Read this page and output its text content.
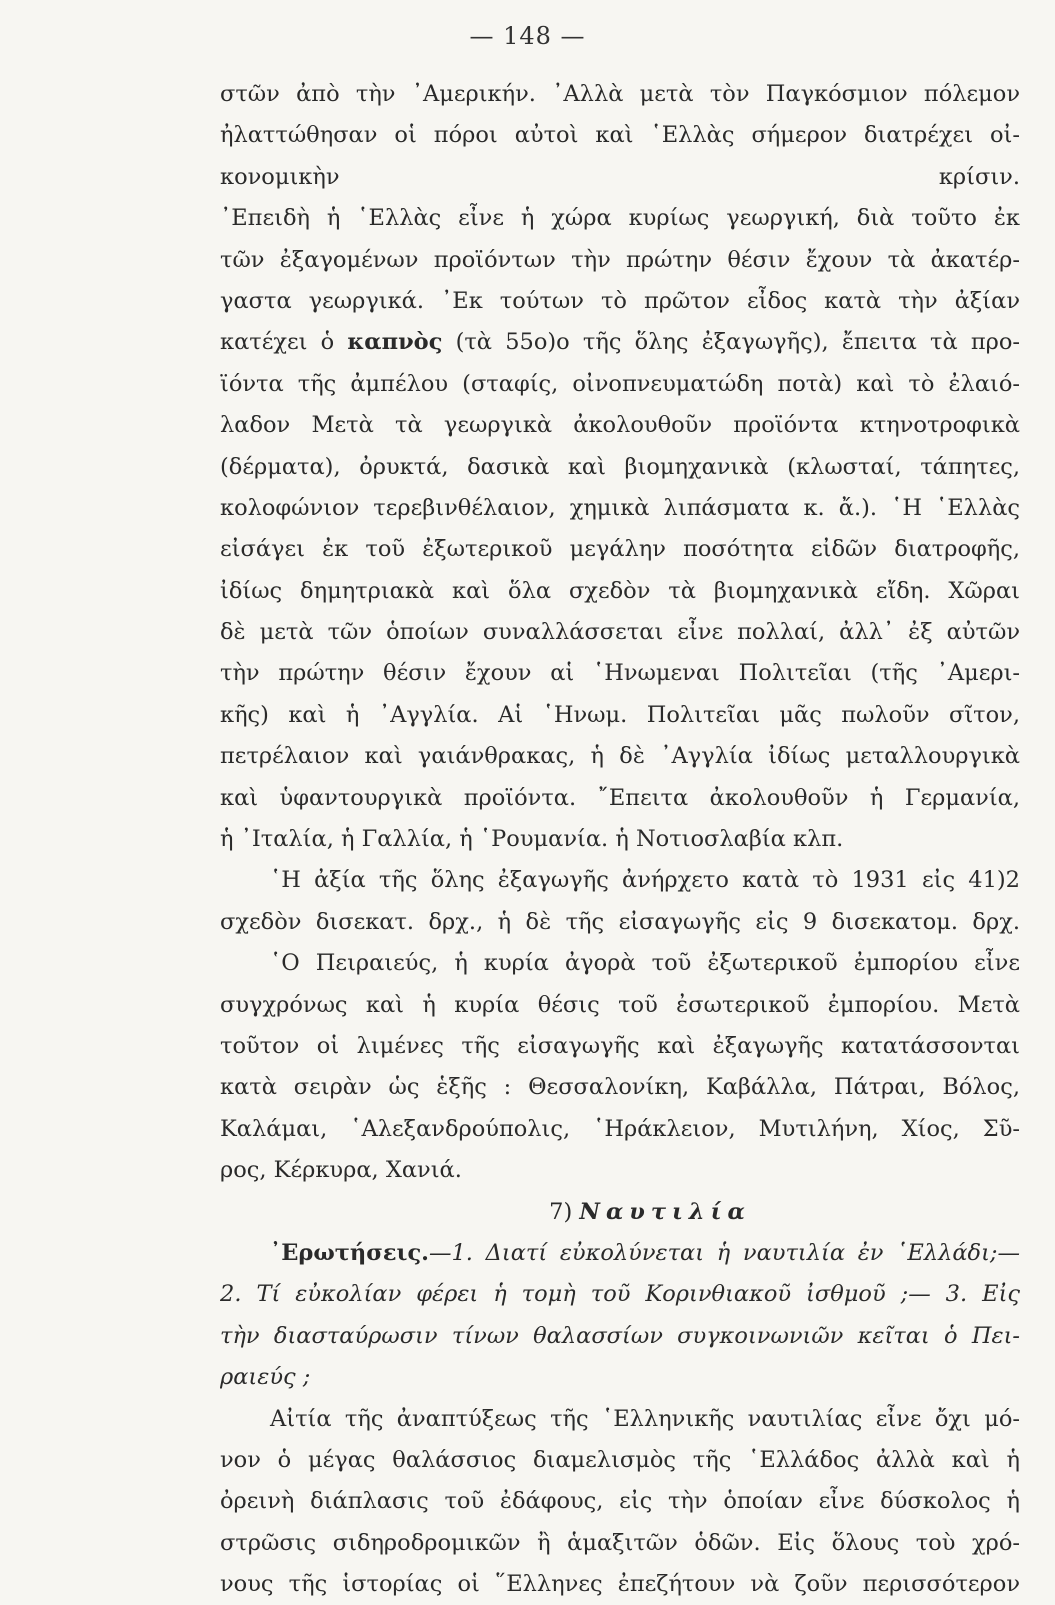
— 148 —
στῶν ἀπὸ τὴν ᾿Αμερικήν. ᾿Αλλὰ μετὰ τὸν Παγκόσμιον πόλεμον
ἠλαττώθησαν οἱ πόροι αὐτοὶ καὶ ῾Ελλὰς σήμερον διατρέχει οἰ-
κονομικὴν κρίσιν.
᾿Επειδὴ ἡ ῾Ελλὰς εἶνε ἡ χώρα κυρίως γεωργική, διὰ τοῦτο ἐκ
τῶν ἐξαγομένων προϊόντων τὴν πρώτην θέσιν ἔχουν τὰ ἀκατέρ-
γαστα γεωργικά. ᾿Εκ τούτων τὸ πρῶτον εἶδος κατὰ τὴν ἀξίαν
κατέχει ὁ καπνὸς (τὰ 55ο)ο τῆς ὅλης ἐξαγωγῆς), ἔπειτα τὰ προ-
ϊόντα τῆς ἀμπέλου (σταφίς, οἰνοπνευματώδη ποτὰ) καὶ τὸ ἐλαιό-
λαδον Μετὰ τὰ γεωργικὰ ἀκολουθοῦν προϊόντα κτηνοτροφικὰ
(δέρματα), ὀρυκτά, δασικὰ καὶ βιομηχανικὰ (κλωσταί, τάπητες,
κολοφώνιον τερεβινθέλαιον, χημικὰ λιπάσματα κ. ἄ.). ῾Η ῾Ελλὰς
εἰσάγει ἐκ τοῦ ἐξωτερικοῦ μεγάλην ποσότητα εἰδῶν διατροφῆς,
ἰδίως δημητριακὰ καὶ ὅλα σχεδὸν τὰ βιομηχανικὰ εἴδη. Χῶραι
δὲ μετὰ τῶν ὁποίων συναλλάσσεται εἶνε πολλαί, ἀλλ᾿ ἐξ αὐτῶν
τὴν πρώτην θέσιν ἔχουν αἱ ῾Ηνωμεναι Πολιτεῖαι (τῆς ᾿Αμερι-
κῆς) καὶ ἡ ᾿Αγγλία. Αἱ ῾Ηνωμ. Πολιτεῖαι μᾶς πωλοῦν σῖτον,
πετρέλαιον καὶ γαιάνθρακας, ἡ δὲ ᾿Αγγλία ἰδίως μεταλλουργικὰ
καὶ ὑφαντουργικὰ προϊόντα. ῎Επειτα ἀκολουθοῦν ἡ Γερμανία,
ἡ ᾿Ιταλία, ἡ Γαλλία, ἡ ῾Ρουμανία. ἡ Νοτιοσλαβία κλπ.
῾Η ἀξία τῆς ὅλης ἐξαγωγῆς ἀνήρχετο κατὰ τὸ 1931 εἰς 41)2
σχεδὸν δισεκατ. δρχ., ἡ δὲ τῆς εἰσαγωγῆς εἰς 9 δισεκατομ. δρχ.
῾Ο Πειραιεύς, ἡ κυρία ἀγορὰ τοῦ ἐξωτερικοῦ ἐμπορίου εἶνε
συγχρόνως καὶ ἡ κυρία θέσις τοῦ ἐσωτερικοῦ ἐμπορίου. Μετὰ
τοῦτον οἱ λιμένες τῆς εἰσαγωγῆς καὶ ἐξαγωγῆς κατατάσσονται
κατὰ σειρὰν ὡς ἑξῆς : Θεσσαλονίκη, Καβάλλα, Πάτραι, Βόλος,
Καλάμαι, ῾Αλεξανδρούπολις, ῾Ηράκλειον, Μυτιλήνη, Χίος, Σῦ-
ρος, Κέρκυρα, Χανιά.
7) Ναυτιλία
᾿Ερωτήσεις.—1. Διατί εὐκολύνεται ἡ ναυτιλία ἐν ῾Ελλάδι;—
2. Τί εὐκολίαν φέρει ἡ τομὴ τοῦ Κορινθιακοῦ ἰσθμοῦ ;— 3. Εἰς
τὴν διασταύρωσιν τίνων θαλασσίων συγκοινωνιῶν κεῖται ὁ Πει-
ραιεύς ;
Αἰτία τῆς ἀναπτύξεως τῆς ῾Ελληνικῆς ναυτιλίας εἶνε ὄχι μό-
νον ὁ μέγας θαλάσσιος διαμελισμὸς τῆς ῾Ελλάδος ἀλλὰ καὶ ἡ
ὀρεινὴ διάπλασις τοῦ ἐδάφους, εἰς τὴν ὁποίαν εἶνε δύσκολος ἡ
στρῶσις σιδηροδρομικῶν ἢ ἁμαξιτῶν ὁδῶν. Εἰς ὅλους τοὺ χρό-
νους τῆς ἱστορίας οἱ ῞Ελληνες ἐπεζήτουν νὰ ζοῦν περισσότερον
